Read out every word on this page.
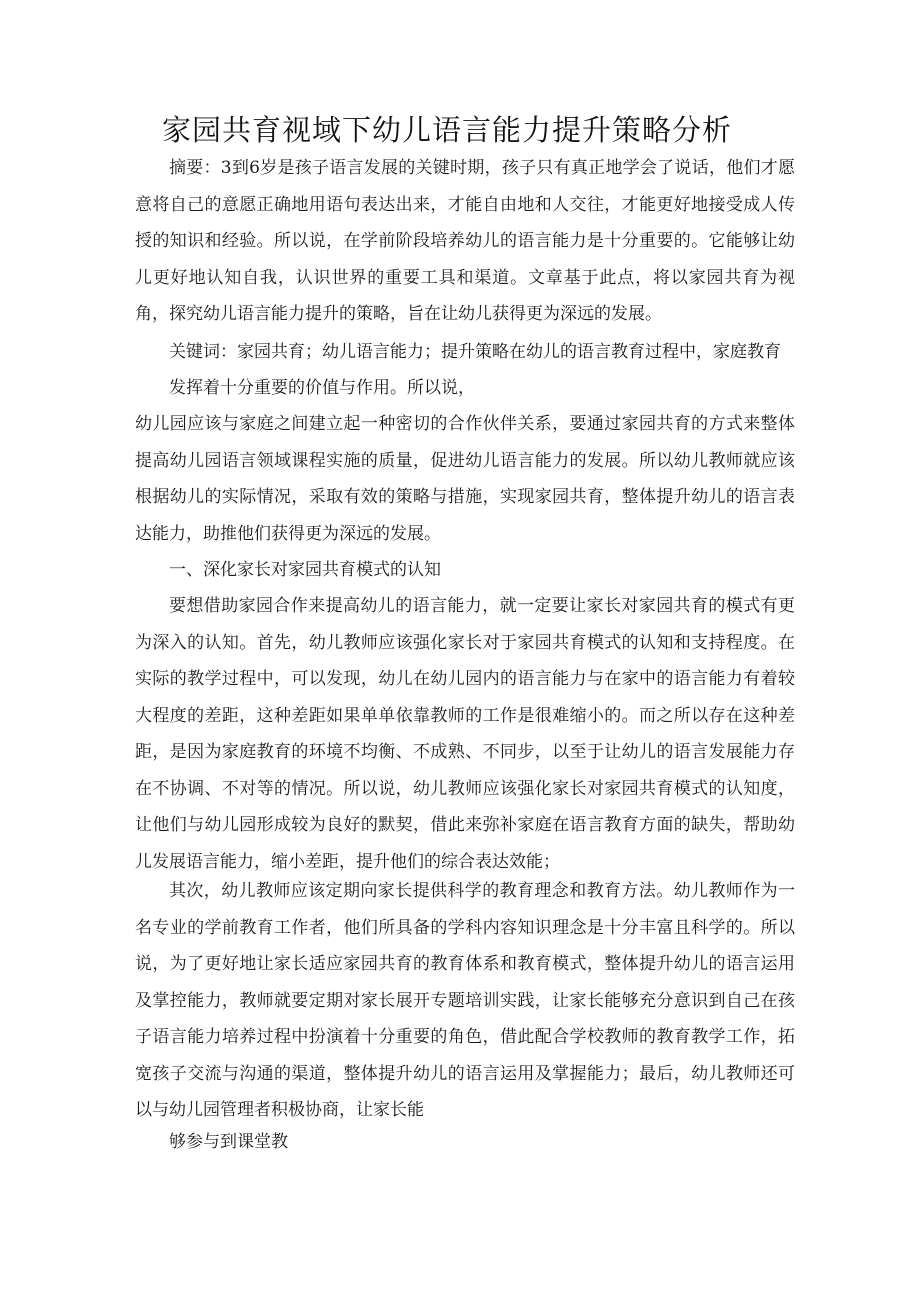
家园共育视域下幼儿语言能力提升策略分析

摘要：3到6岁是孩子语言发展的关键时期，孩子只有真正地学会了说话，他们才愿意将自己的意愿正确地用语句表达出来，才能自由地和人交往，才能更好地接受成人传授的知识和经验。所以说，在学前阶段培养幼儿的语言能力是十分重要的。它能够让幼儿更好地认知自我，认识世界的重要工具和渠道。文章基于此点，将以家园共育为视角，探究幼儿语言能力提升的策略，旨在让幼儿获得更为深远的发展。

关键词：家园共育；幼儿语言能力；提升策略在幼儿的语言教育过程中，家庭教育

发挥着十分重要的价值与作用。所以说，

幼儿园应该与家庭之间建立起一种密切的合作伙伴关系，要通过家园共育的方式来整体提高幼儿园语言领域课程实施的质量，促进幼儿语言能力的发展。所以幼儿教师就应该根据幼儿的实际情况，采取有效的策略与措施，实现家园共育，整体提升幼儿的语言表达能力，助推他们获得更为深远的发展。

一、深化家长对家园共育模式的认知

要想借助家园合作来提高幼儿的语言能力，就一定要让家长对家园共育的模式有更为深入的认知。首先，幼儿教师应该强化家长对于家园共育模式的认知和支持程度。在实际的教学过程中，可以发现，幼儿在幼儿园内的语言能力与在家中的语言能力有着较大程度的差距，这种差距如果单单依靠教师的工作是很难缩小的。而之所以存在这种差距，是因为家庭教育的环境不均衡、不成熟、不同步，以至于让幼儿的语言发展能力存在不协调、不对等的情况。所以说，幼儿教师应该强化家长对家园共育模式的认知度，让他们与幼儿园形成较为良好的默契，借此来弥补家庭在语言教育方面的缺失，帮助幼儿发展语言能力，缩小差距，提升他们的综合表达效能；

其次，幼儿教师应该定期向家长提供科学的教育理念和教育方法。幼儿教师作为一名专业的学前教育工作者，他们所具备的学科内容知识理念是十分丰富且科学的。所以说，为了更好地让家长适应家园共育的教育体系和教育模式，整体提升幼儿的语言运用及掌控能力，教师就要定期对家长展开专题培训实践，让家长能够充分意识到自己在孩子语言能力培养过程中扮演着十分重要的角色，借此配合学校教师的教育教学工作，拓宽孩子交流与沟通的渠道，整体提升幼儿的语言运用及掌握能力；最后，幼儿教师还可以与幼儿园管理者积极协商，让家长能

够参与到课堂教
